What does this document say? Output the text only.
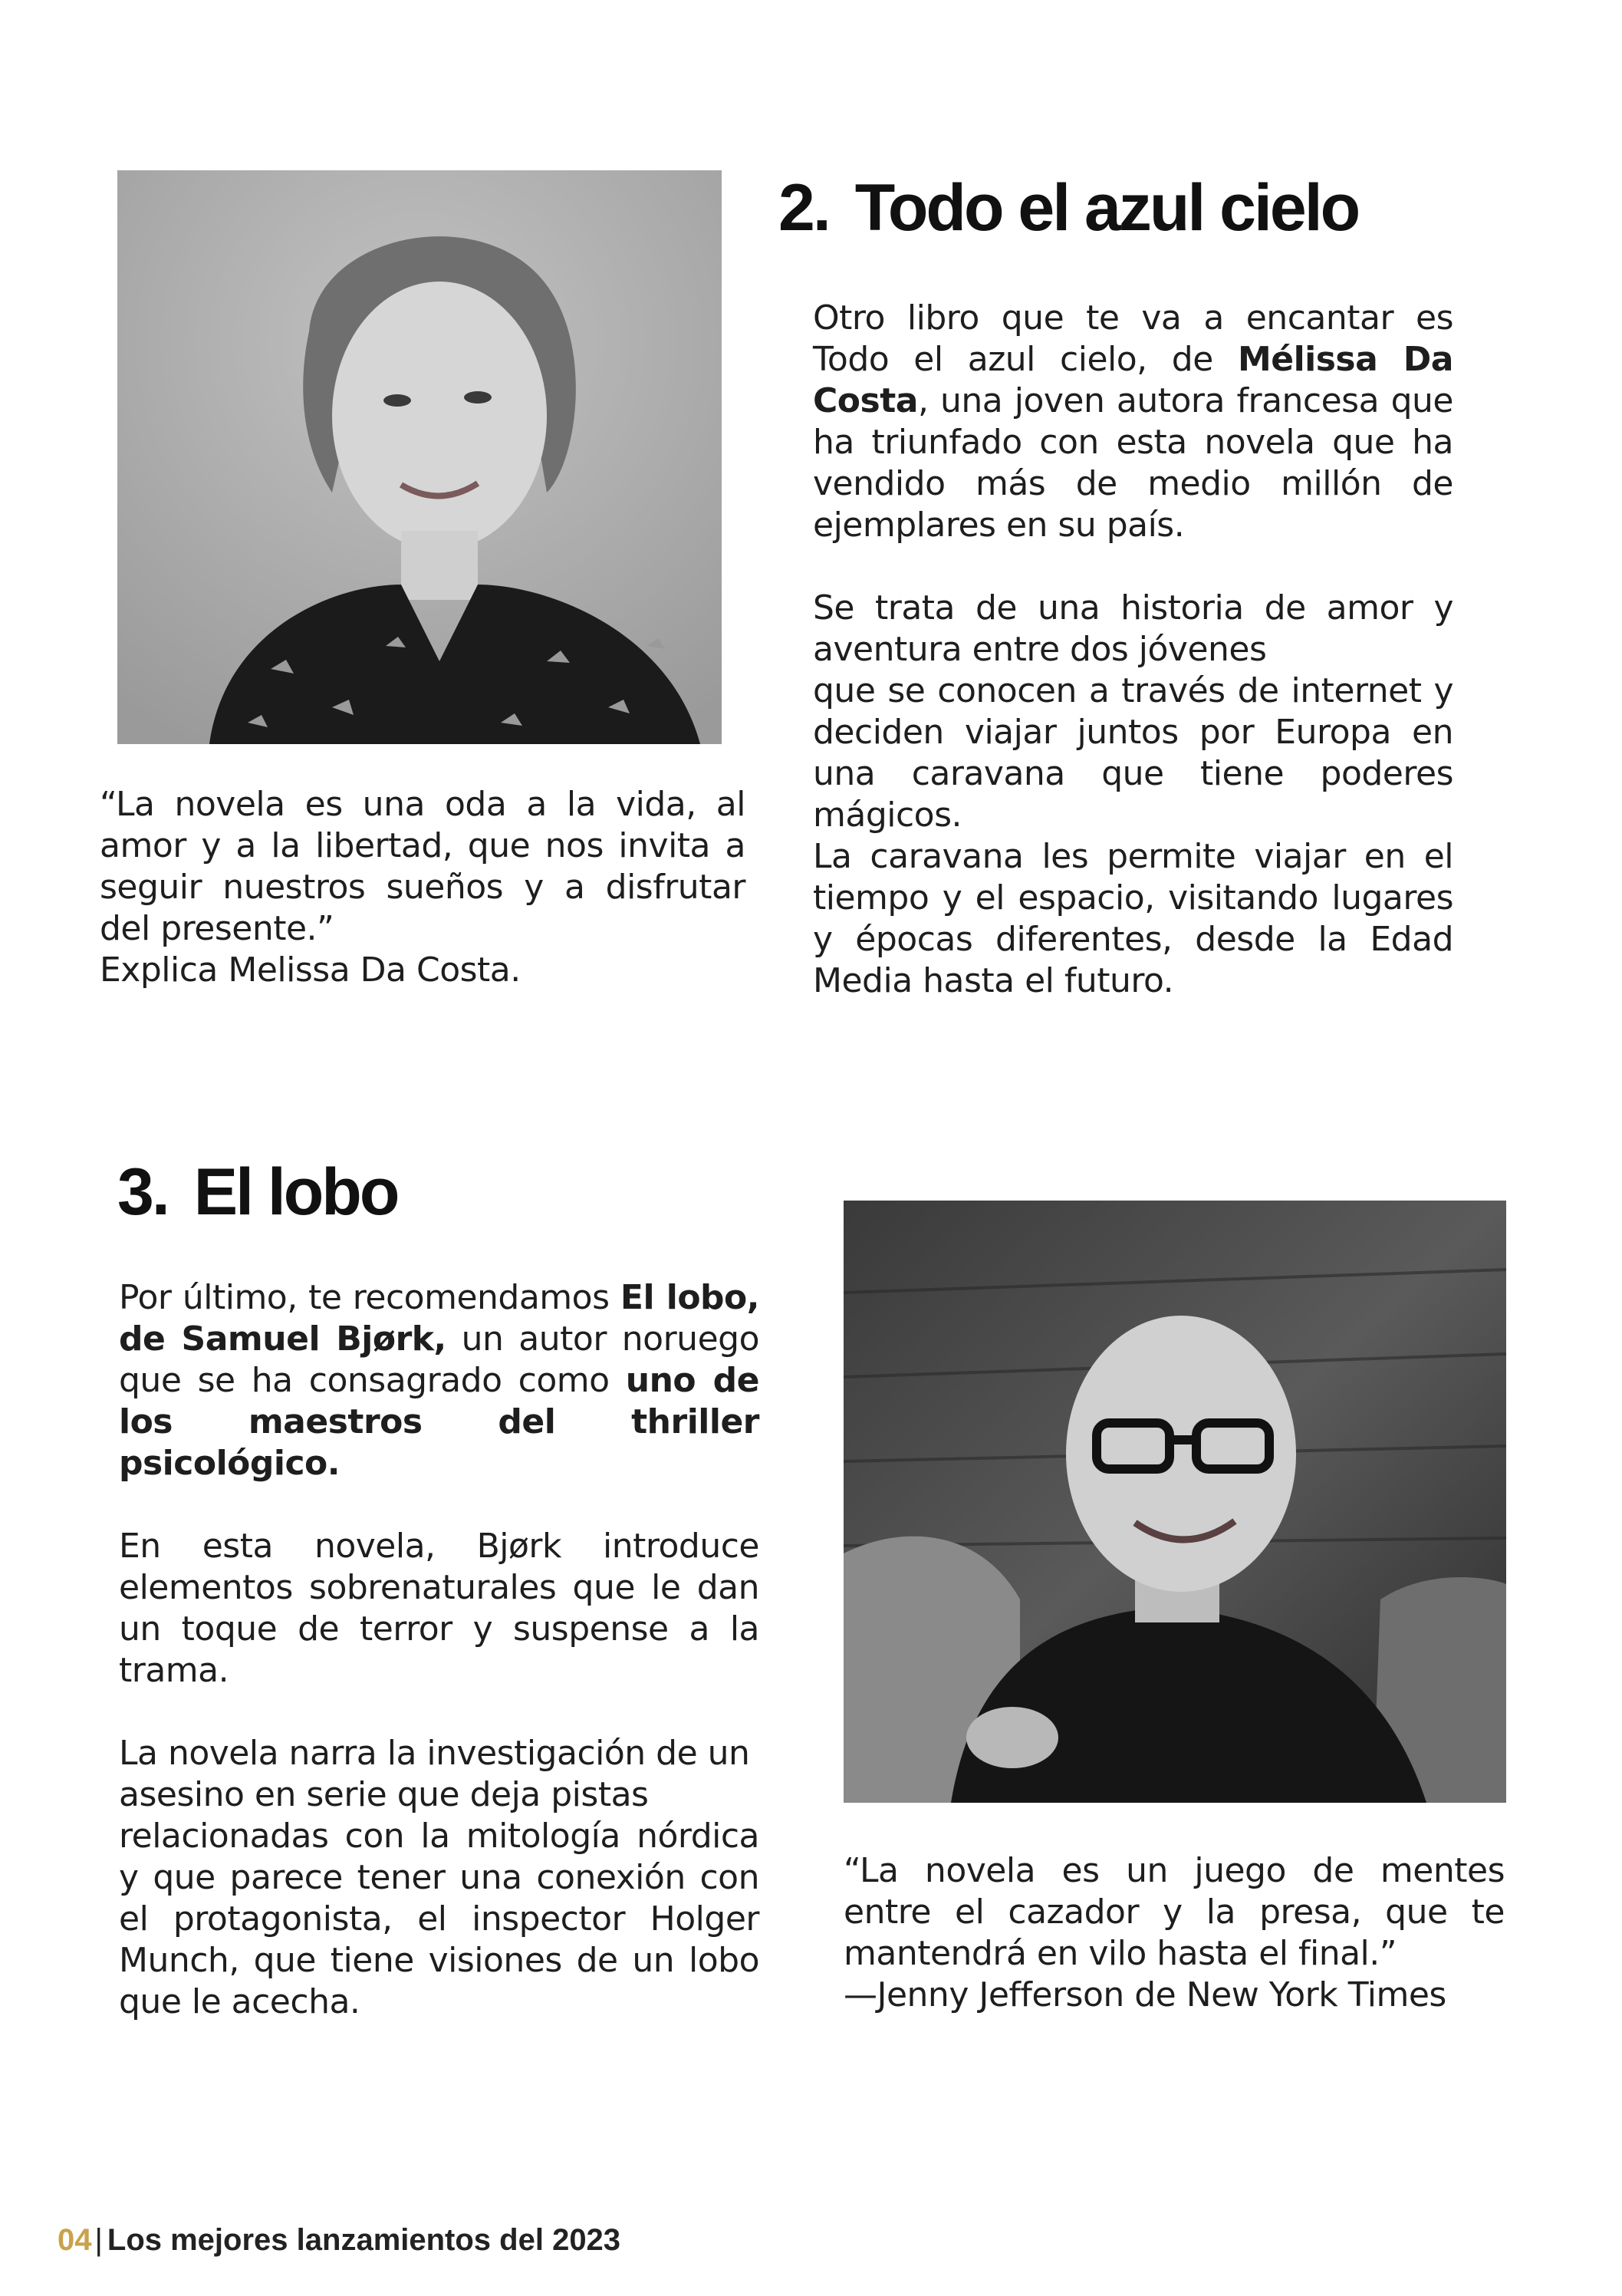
2. Todo el azul cielo

Otro libro que te va a encantar es Todo el azul cielo, de Mélissa Da Costa, una joven autora francesa que ha triunfado con esta novela que ha vendido más de medio millón de ejemplares en su país.

Se trata de una historia de amor y aventura entre dos jóvenes
que se conocen a través de internet y deciden viajar juntos por Europa en una caravana que tiene poderes mágicos.
La caravana les permite viajar en el tiempo y el espacio, visitando lugares y épocas diferentes, desde la Edad Media hasta el futuro.

“La novela es una oda a la vida, al amor y a la libertad, que nos invita a seguir nuestros sueños y a disfrutar del presente.”
Explica Melissa Da Costa.
3. El lobo

Por último, te recomendamos El lobo, de Samuel Bjørk, un autor noruego que se ha consagrado como uno de los maestros del thriller psicológico.

En esta novela, Bjørk introduce elementos sobrenaturales que le dan un toque de terror y suspense a la trama.

La novela narra la investigación de un asesino en serie que deja pistas
relacionadas con la mitología nórdica y que parece tener una conexión con el protagonista, el inspector Holger Munch, que tiene visiones de un lobo que le acecha.

“La novela es un juego de mentes entre el cazador y la presa, que te mantendrá en vilo hasta el final.”
—Jenny Jefferson de New York Times
04 | Los mejores lanzamientos del 2023
